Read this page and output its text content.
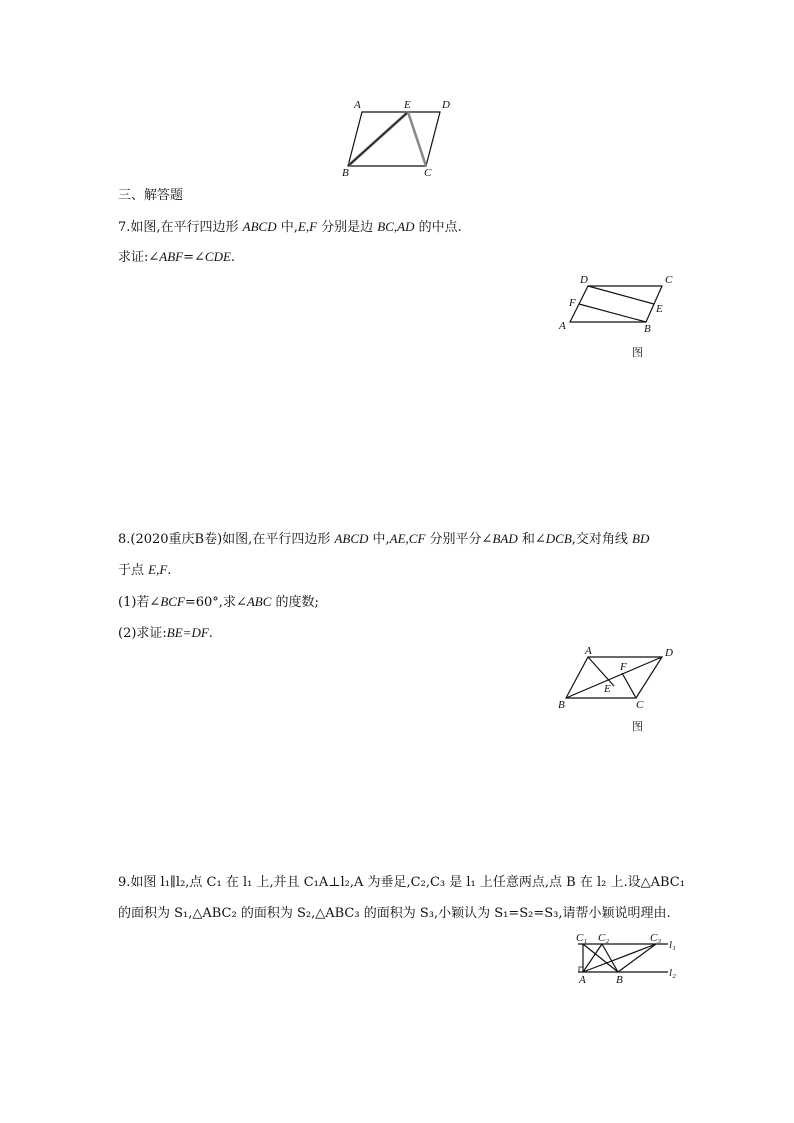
A	E	D
B	C
三、解答题
7.如图,在平行四边形 ABCD 中,E,F 分别是边 BC,AD 的中点.
求证:∠ABF=∠CDE.
D	C
F	E
A	B
图
8.(2020重庆B卷)如图,在平行四边形 ABCD 中,AE,CF 分别平分∠BAD 和∠DCB,交对角线 BD
于点 E,F.
(1)若∠BCF=60°,求∠ABC 的度数;
(2)求证:BE=DF.
A	D
F
E
B	C
图
9.如图 l₁∥l₂,点 C₁ 在 l₁ 上,并且 C₁A⊥l₂,A 为垂足,C₂,C₃ 是 l₁ 上任意两点,点 B 在 l₂ 上.设△ABC₁
的面积为 S₁,△ABC₂ 的面积为 S₂,△ABC₃ 的面积为 S₃,小颖认为 S₁=S₂=S₃,请帮小颖说明理由.
C₁ C₂	C₃
l₁
A	B
l₂
